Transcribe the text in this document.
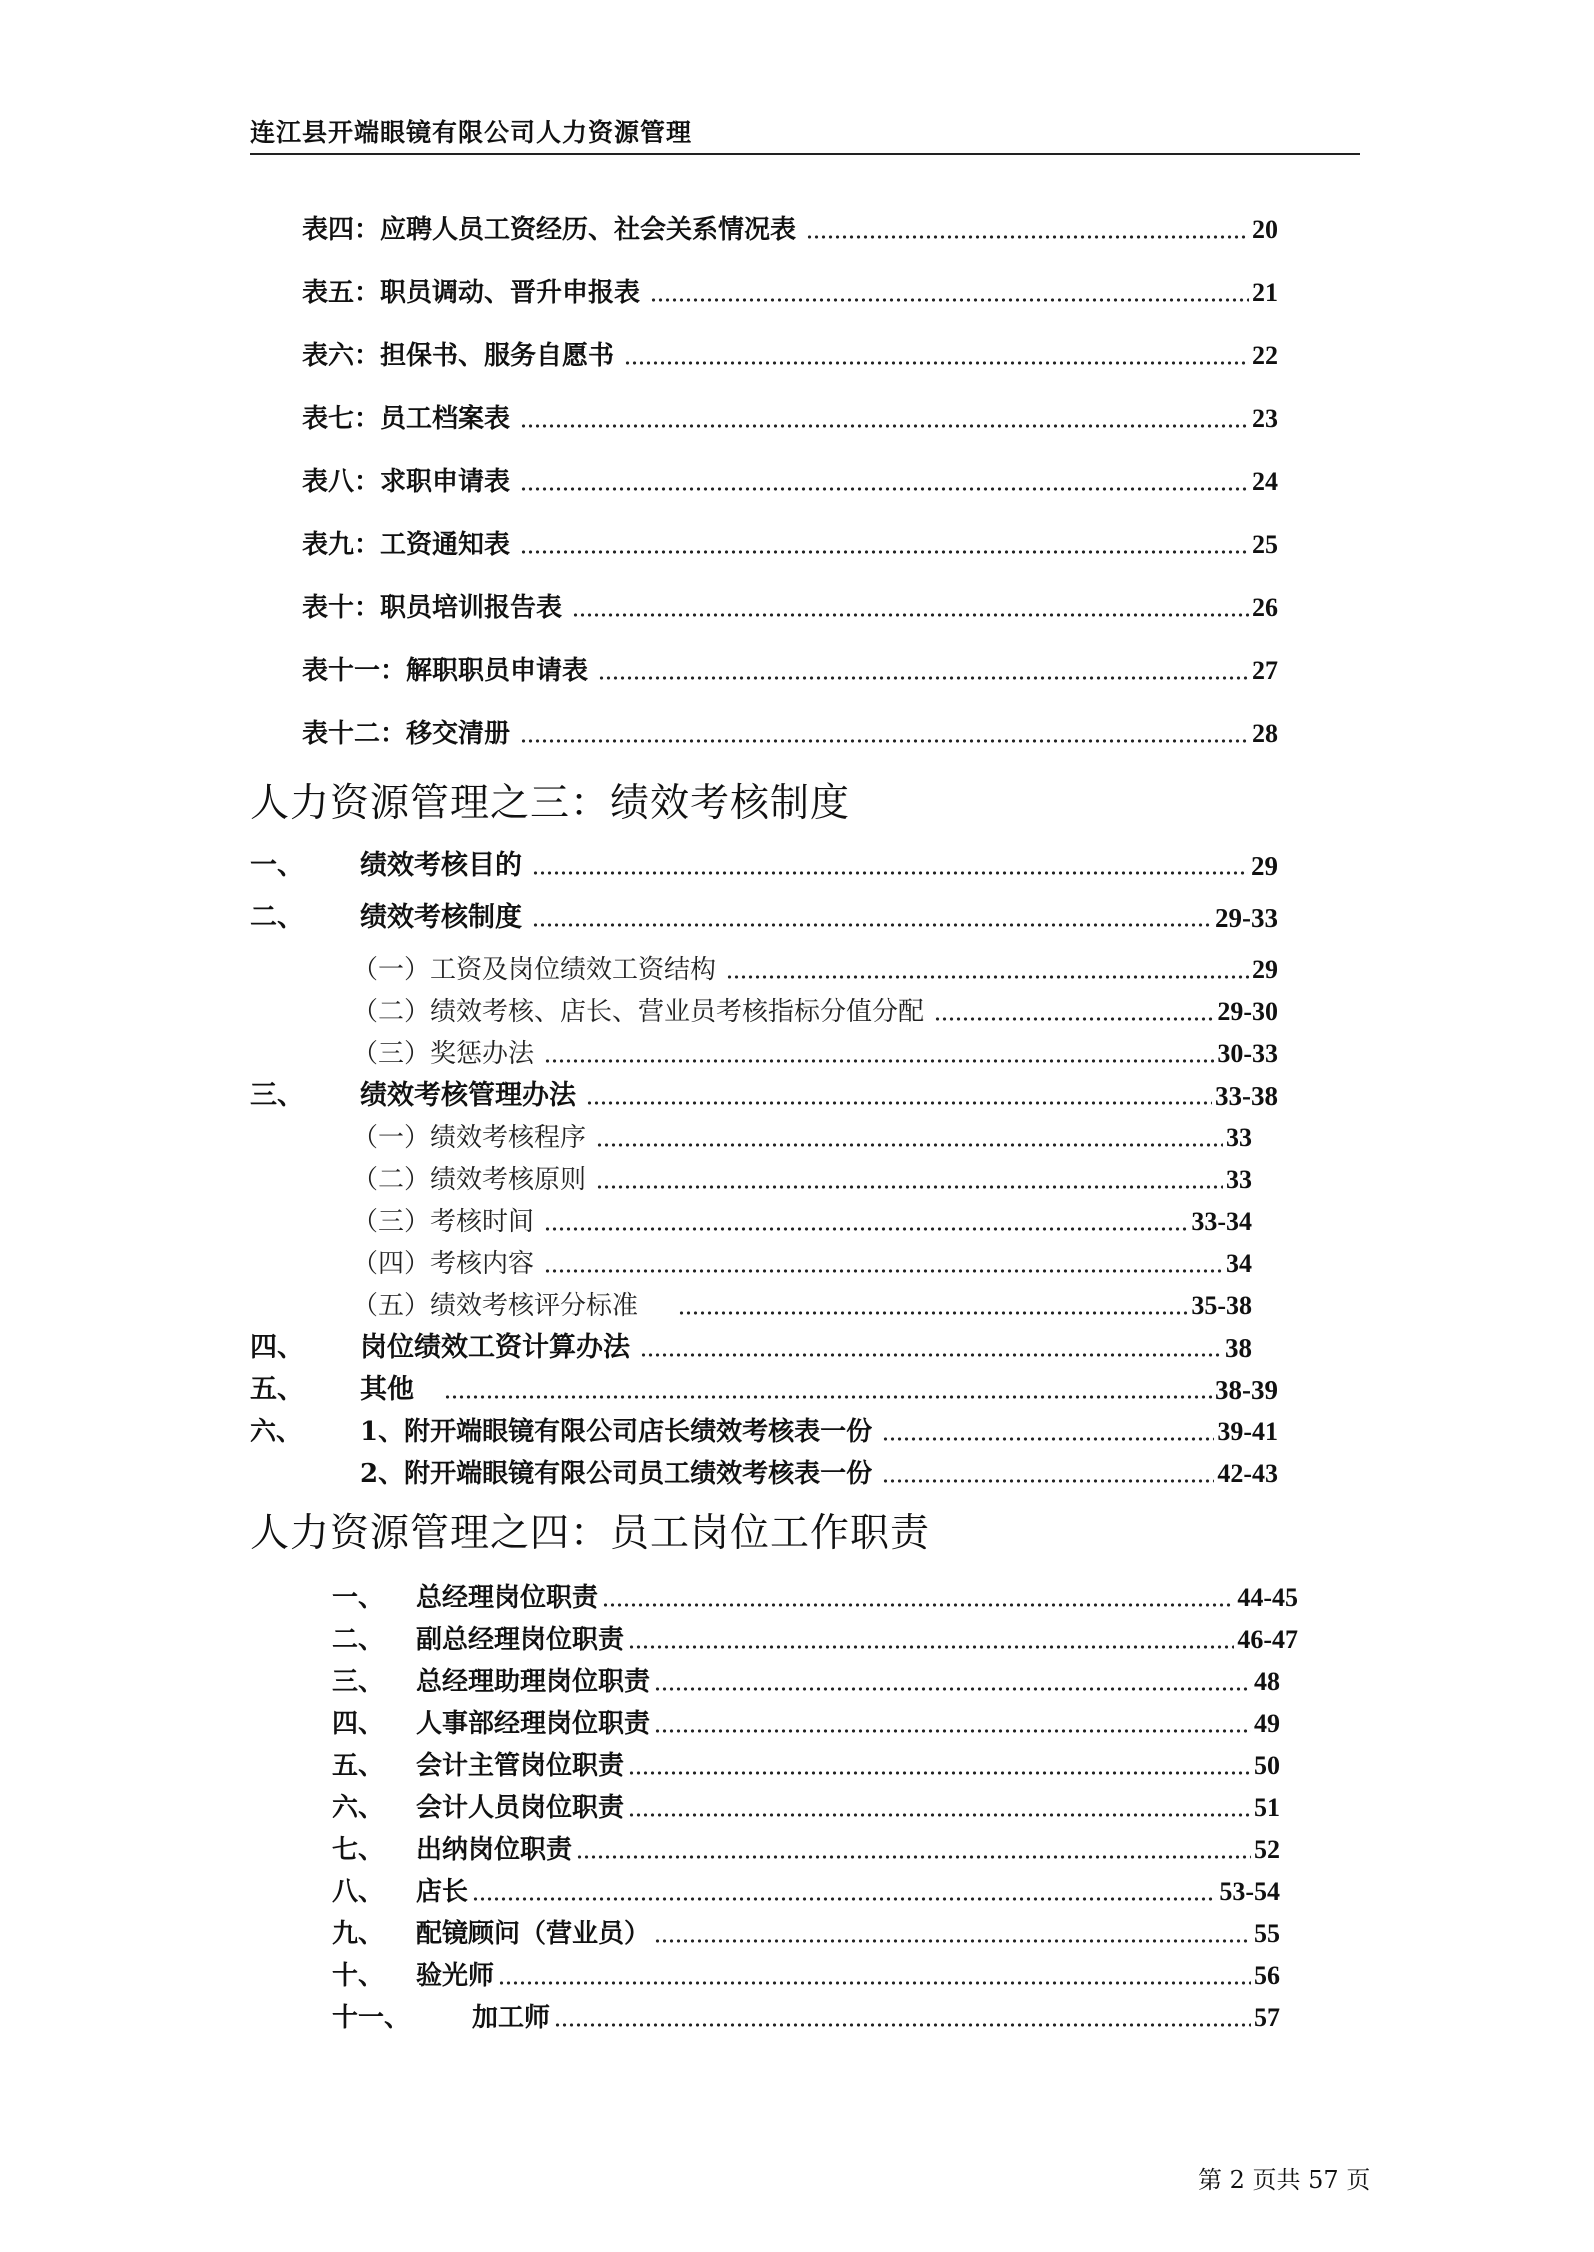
连江县开端眼镜有限公司人力资源管理
表四：应聘人员工资经历、社会关系情况表	20
表五：职员调动、晋升申报表	21
表六：担保书、服务自愿书	22
表七：员工档案表	23
表八：求职申请表	24
表九：工资通知表	25
表十：职员培训报告表	26
表十一：解职职员申请表	27
表十二：移交清册	28
人力资源管理之三：绩效考核制度
一、	绩效考核目的	29
二、	绩效考核制度	29-33
（一）工资及岗位绩效工资结构	29
（二）绩效考核、店长、营业员考核指标分值分配	29-30
（三）奖惩办法	30-33
三、	绩效考核管理办法	33-38
（一）绩效考核程序	33
（二）绩效考核原则	33
（三）考核时间	33-34
（四）考核内容	34
（五）绩效考核评分标准	35-38
四、	岗位绩效工资计算办法	38
五、	其他	38-39
六、	1、附开端眼镜有限公司店长绩效考核表一份	39-41
2、附开端眼镜有限公司员工绩效考核表一份	42-43
人力资源管理之四：员工岗位工作职责
一、	总经理岗位职责	44-45
二、	副总经理岗位职责	46-47
三、	总经理助理岗位职责	48
四、	人事部经理岗位职责	49
五、	会计主管岗位职责	50
六、	会计人员岗位职责	51
七、	出纳岗位职责	52
八、	店长	53-54
九、	配镜顾问（营业员）	55
十、	验光师	56
十一、	加工师	57
第 2 页共 57 页
